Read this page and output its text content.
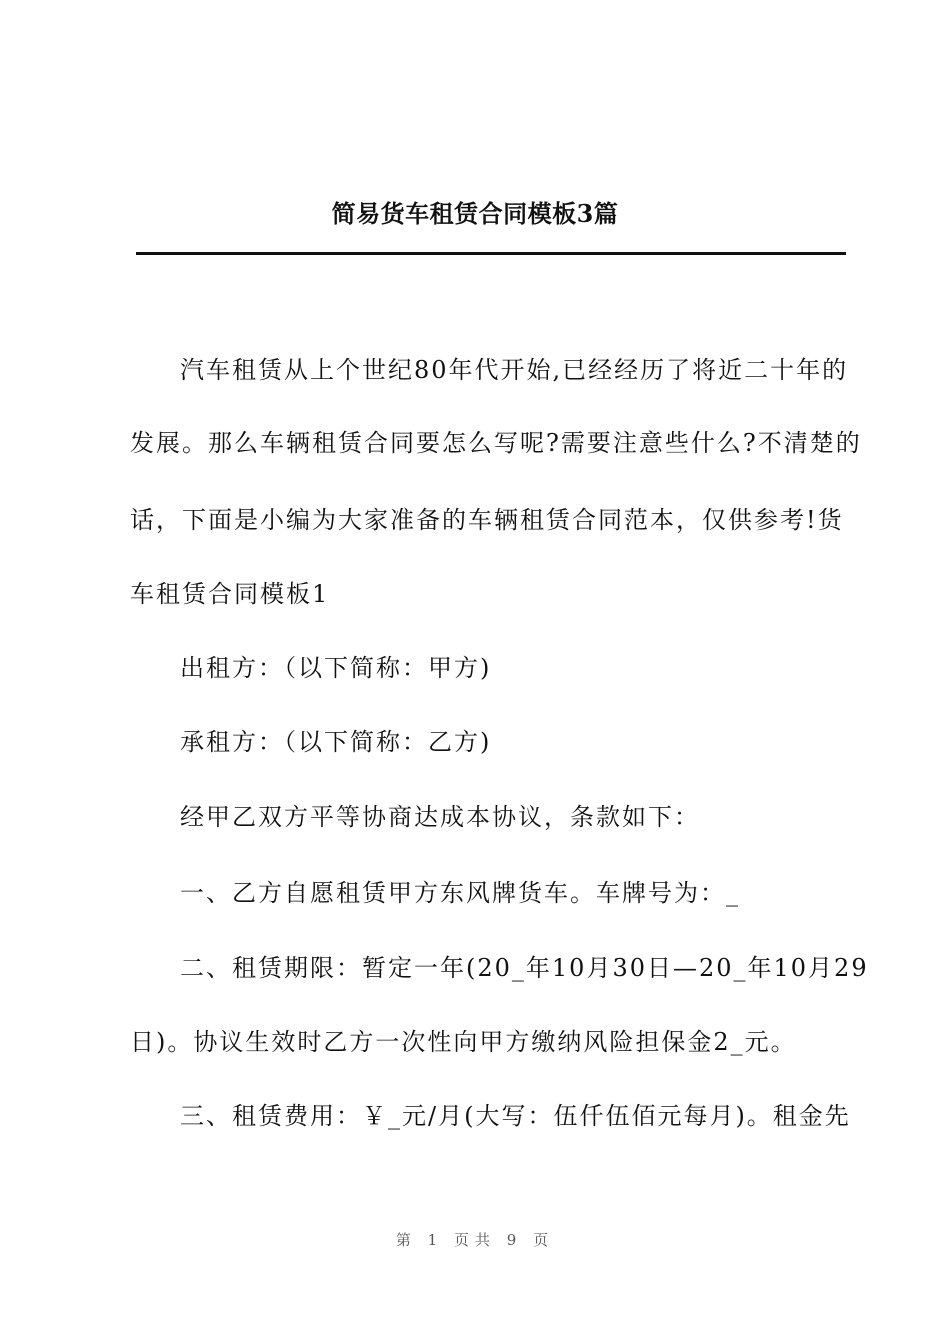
简易货车租赁合同模板3篇
汽车租赁从上个世纪80年代开始,已经经历了将近二十年的
发展。那么车辆租赁合同要怎么写呢?需要注意些什么?不清楚的
话，下面是小编为大家准备的车辆租赁合同范本，仅供参考!货
车租赁合同模板1
出租方：（以下简称：甲方)
承租方：（以下简称：乙方)
经甲乙双方平等协商达成本协议，条款如下：
一、乙方自愿租赁甲方东风牌货车。车牌号为：_
二、租赁期限：暂定一年(20_年10月30日—20_年10月29
日)。协议生效时乙方一次性向甲方缴纳风险担保金2_元。
三、租赁费用：￥_元/月(大写：伍仟伍佰元每月)。租金先
第 1 页共 9 页
